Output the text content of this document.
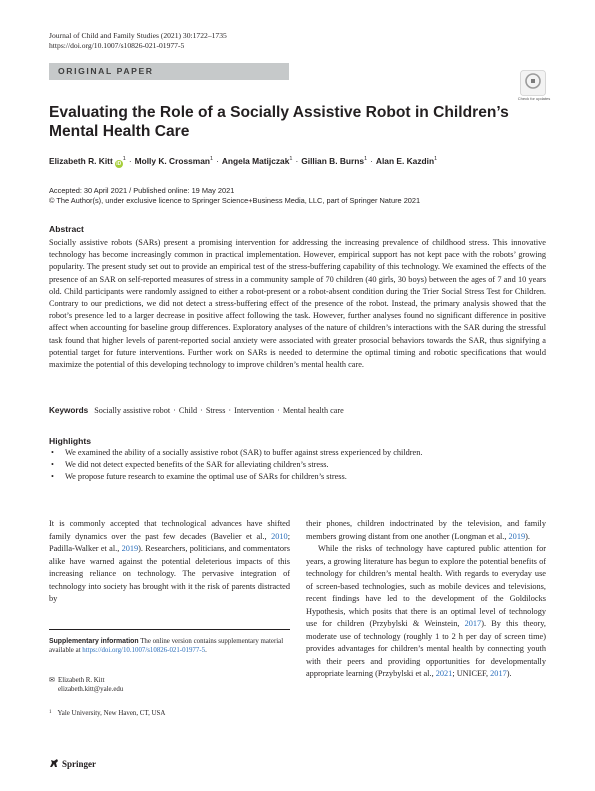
Journal of Child and Family Studies (2021) 30:1722–1735
https://doi.org/10.1007/s10826-021-01977-5
ORIGINAL PAPER
Check for updates
Evaluating the Role of a Socially Assistive Robot in Children’s Mental Health Care
Elizabeth R. Kitt $iD^1$ · Molly K. Crossman$^1$ · Angela Matijczak$^1$ · Gillian B. Burns$^1$ · Alan E. Kazdin$^1$
Accepted: 30 April 2021 / Published online: 19 May 2021
© The Author(s), under exclusive licence to Springer Science+Business Media, LLC, part of Springer Nature 2021
Abstract
Socially assistive robots (SARs) present a promising intervention for addressing the increasing prevalence of childhood stress. This innovative technology has become increasingly common in practical implementation. However, empirical support has not kept pace with the robots’ growing popularity. The present study set out to provide an empirical test of the stress-buffering capability of this technology. We examined the effects of the presence of an SAR on self-reported measures of stress in a community sample of 70 children (40 girls, 30 boys) between the ages of 7 and 10 years old. Child participants were randomly assigned to either a robot-present or a robot-absent condition during the Trier Social Stress Test for Children. Contrary to our predictions, we did not detect a stress-buffering effect of the presence of the robot. Instead, the primary analysis showed that the robot’s presence led to a larger decrease in positive affect following the task. However, further analyses found no significant difference in positive affect when accounting for baseline group differences. Exploratory analyses of the nature of children’s interactions with the SAR during the stressful task found that higher levels of parent-reported social anxiety were associated with greater prosocial behaviors towards the SAR, thus signifying a potential target for future interventions. Further work on SARs is needed to determine the optimal timing and robotic specifications that would maximize the potential of this developing technology to improve children’s mental health care.
Keywords Socially assistive robot · Child · Stress · Intervention · Mental health care
Highlights
• We examined the ability of a socially assistive robot (SAR) to buffer against stress experienced by children.
• We did not detect expected benefits of the SAR for alleviating children’s stress.
• We propose future research to examine the optimal use of SARs for children’s stress.

It is commonly accepted that technological advances have shifted family dynamics over the past few decades (Bavelier et al., 2010; Padilla-Walker et al., 2019). Researchers, politicians, and commentators alike have warned against the potential deleterious impacts of this increasing reliance on technology. The pervasive integration of technology into society has brought with it the risk of parents distracted by

Supplementary information The online version contains supplementary material available at https://doi.org/10.1007/s10826-021-01977-5.
✉ Elizabeth R. Kitt
elizabeth.kitt@yale.edu
$^1$ Yale University, New Haven, CT, USA

their phones, children indoctrinated by the television, and family members growing distant from one another (Longman et al., 2019).

While the risks of technology have captured public attention for years, a growing literature has begun to explore the potential benefits of technology for children’s mental health. With regards to everyday use of screen-based technologies, such as mobile devices and televisions, recent findings have led to the development of the Goldilocks Hypothesis, which posits that there is an optimal level of technology use for children (Przybylski & Weinstein, 2017). By this theory, moderate use of technology (roughly 1 to 2 h per day of screen time) provides advantages for children’s mental health by connecting youth with their peers and providing opportunities for developmentally appropriate learning (Przybylski et al., 2021; UNICEF, 2017).

Springer
